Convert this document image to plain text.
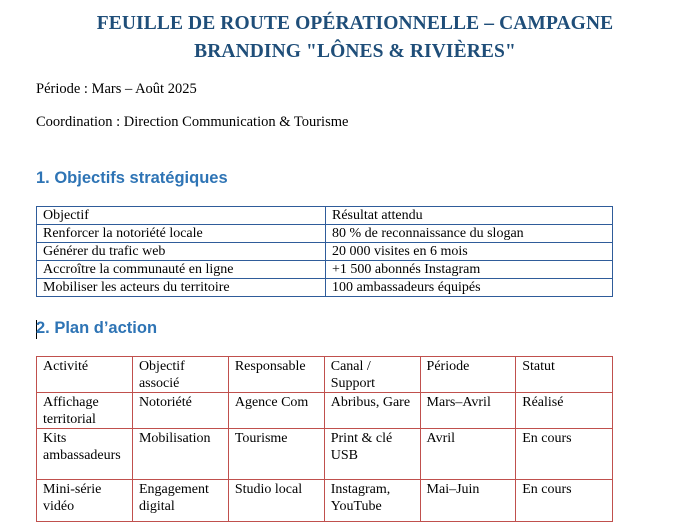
FEUILLE DE ROUTE OPÉRATIONNELLE – CAMPAGNE
BRANDING "LÔNES & RIVIÈRES"
Période : Mars – Août 2025
Coordination : Direction Communication & Tourisme
1. Objectifs stratégiques
Objectif	Résultat attendu
Renforcer la notoriété locale	80 % de reconnaissance du slogan
Générer du trafic web	20 000 visites en 6 mois
Accroître la communauté en ligne	+1 500 abonnés Instagram
Mobiliser les acteurs du territoire	100 ambassadeurs équipés
2. Plan d’action
Activité	Objectif associé	Responsable	Canal / Support	Période	Statut
Affichage territorial	Notoriété	Agence Com	Abribus, Gare	Mars–Avril	Réalisé
Kits ambassadeurs	Mobilisation	Tourisme	Print & clé USB	Avril	En cours
Mini-série vidéo	Engagement digital	Studio local	Instagram, YouTube	Mai–Juin	En cours
